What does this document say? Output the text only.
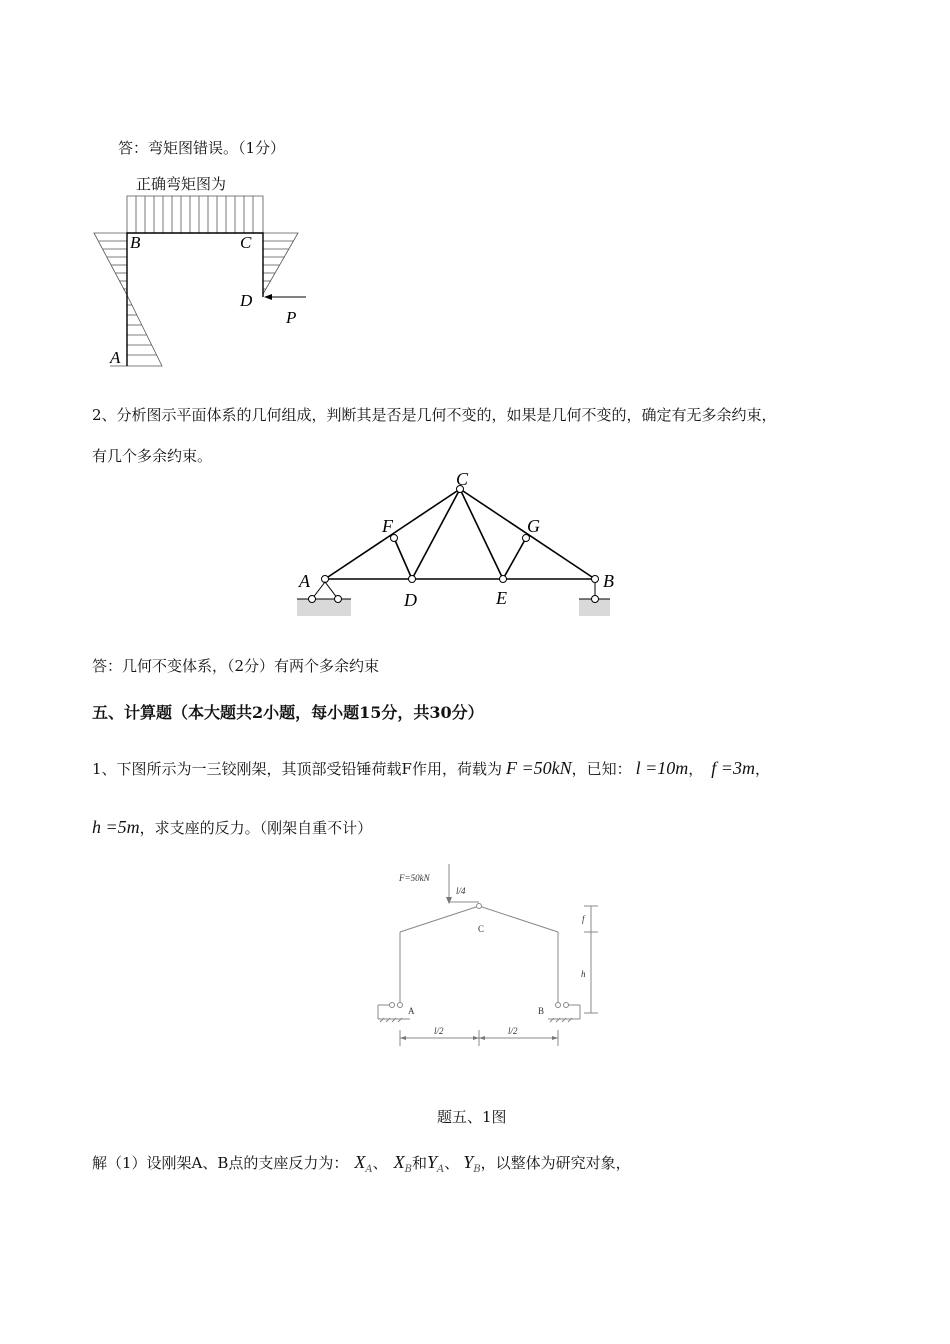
答：弯矩图错误。（1分）
正确弯矩图为
B	C
D
P
A
2、分析图示平面体系的几何组成，判断其是否是几何不变的，如果是几何不变的，确定有无多余约束，
有几个多余约束。
C
F	G
A	B
D	E
答：几何不变体系，（2分）有两个多余约束
五、计算题（本大题共2小题，每小题15分，共30分）
1、下图所示为一三铰刚架，其顶部受铅锤荷载F作用，荷载为 F =50kN，已知： l =10m， f =3m，
h =5m，求支座的反力。（刚架自重不计）
F=50kN
l/4
C
A	B
f
h
l/2	l/2
题五、1图
解（1）设刚架A、B点的支座反力为： $X_A$、 $X_B$和$Y_A$、 $Y_B$，以整体为研究对象，
